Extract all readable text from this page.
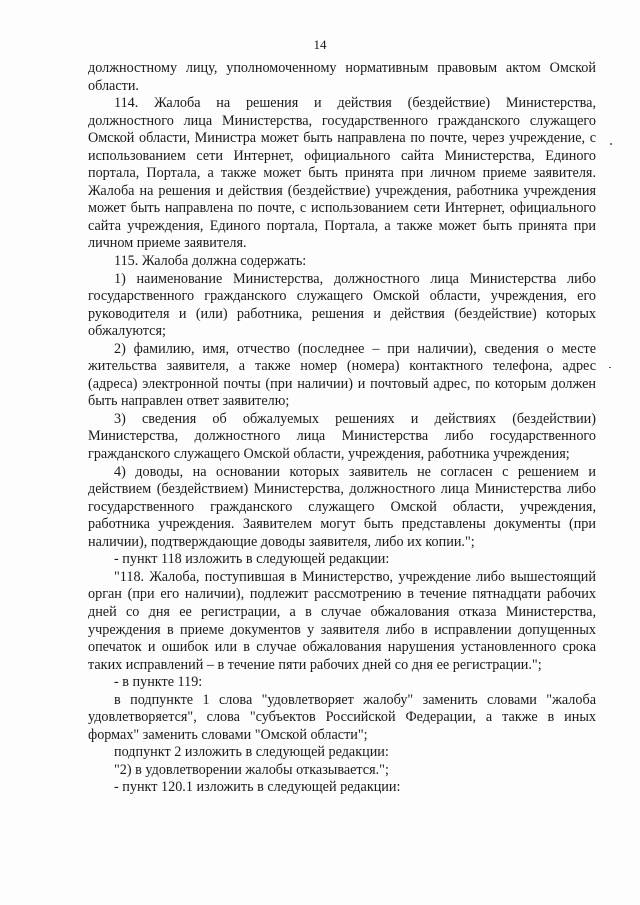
14

должностному лицу, уполномоченному нормативным правовым актом Омской области.

114. Жалоба на решения и действия (бездействие) Министерства, должностного лица Министерства, государственного гражданского служащего Омской области, Министра может быть направлена по почте, через учреждение, с использованием сети Интернет, официального сайта Министерства, Единого портала, Портала, а также может быть принята при личном приеме заявителя. Жалоба на решения и действия (бездействие) учреждения, работника учреждения может быть направлена по почте, с использованием сети Интернет, официального сайта учреждения, Единого портала, Портала, а также может быть принята при личном приеме заявителя.

115. Жалоба должна содержать:

1) наименование Министерства, должностного лица Министерства либо государственного гражданского служащего Омской области, учреждения, его руководителя и (или) работника, решения и действия (бездействие) которых обжалуются;

2) фамилию, имя, отчество (последнее – при наличии), сведения о месте жительства заявителя, а также номер (номера) контактного телефона, адрес (адреса) электронной почты (при наличии) и почтовый адрес, по которым должен быть направлен ответ заявителю;

3) сведения об обжалуемых решениях и действиях (бездействии) Министерства, должностного лица Министерства либо государственного гражданского служащего Омской области, учреждения, работника учреждения;

4) доводы, на основании которых заявитель не согласен с решением и действием (бездействием) Министерства, должностного лица Министерства либо государственного гражданского служащего Омской области, учреждения, работника учреждения. Заявителем могут быть представлены документы (при наличии), подтверждающие доводы заявителя, либо их копии.";

- пункт 118 изложить в следующей редакции:

"118. Жалоба, поступившая в Министерство, учреждение либо вышестоящий орган (при его наличии), подлежит рассмотрению в течение пятнадцати рабочих дней со дня ее регистрации, а в случае обжалования отказа Министерства, учреждения в приеме документов у заявителя либо в исправлении допущенных опечаток и ошибок или в случае обжалования нарушения установленного срока таких исправлений – в течение пяти рабочих дней со дня ее регистрации.";

- в пункте 119:

в подпункте 1 слова "удовлетворяет жалобу" заменить словами "жалоба удовлетворяется", слова "субъектов Российской Федерации, а также в иных формах" заменить словами "Омской области";

подпункт 2 изложить в следующей редакции:

"2) в удовлетворении жалобы отказывается.";

- пункт 120.1 изложить в следующей редакции:
